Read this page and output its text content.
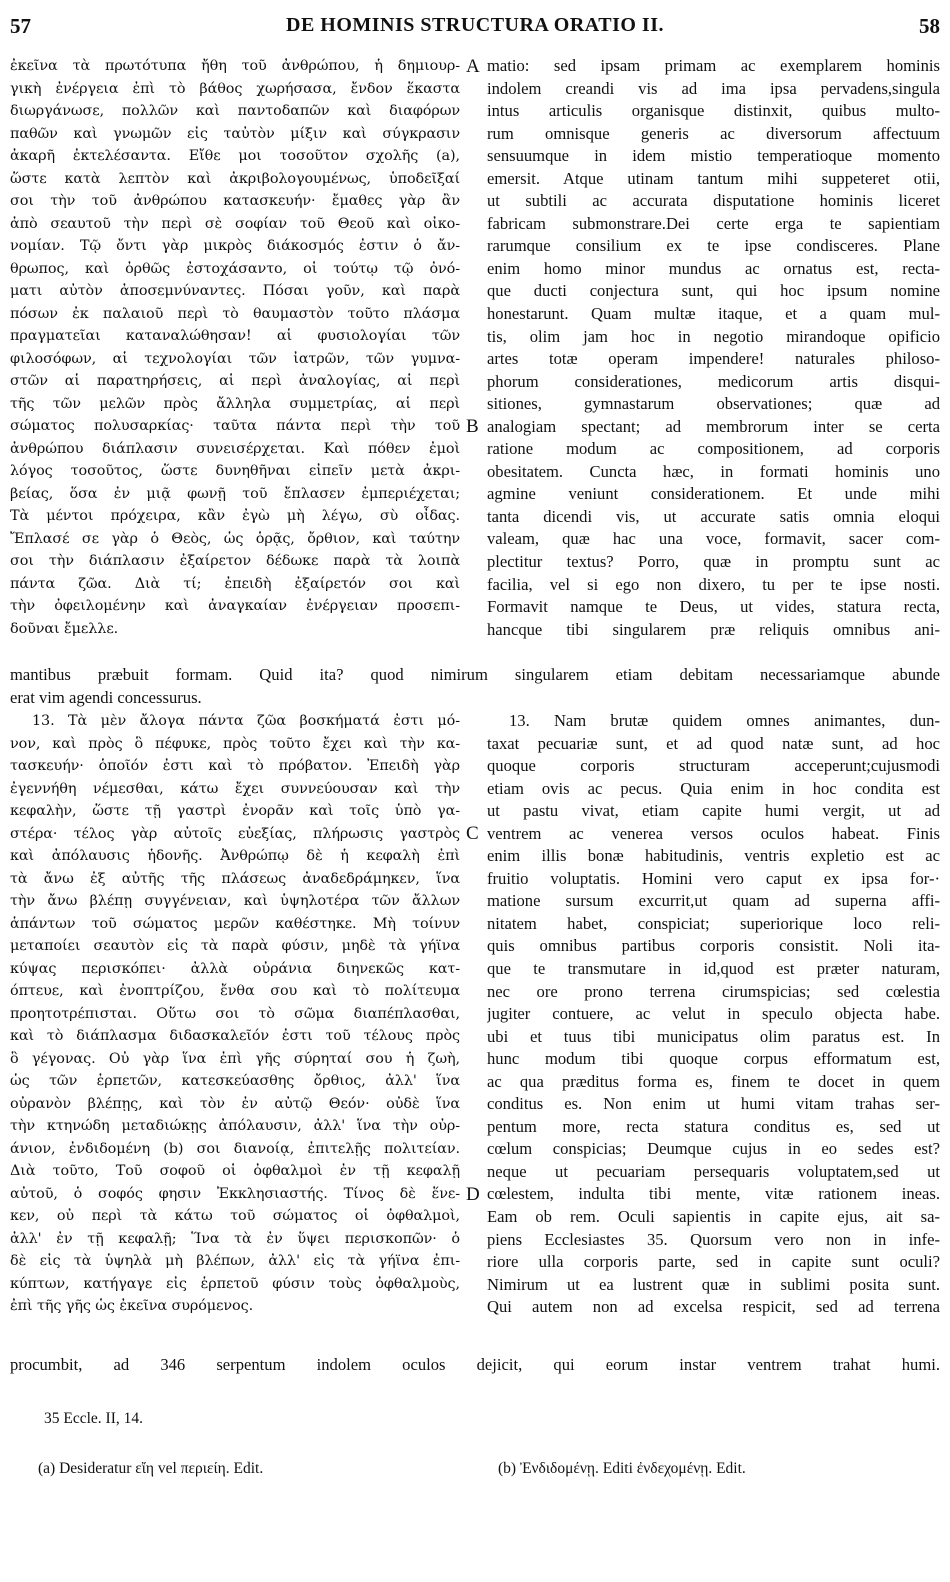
57	DE HOMINIS STRUCTURA ORATIO II.	58
ἐκεῖνα τὰ πρωτότυπα ἤθη τοῦ ἀνθρώπου, ἡ δημιουρ-
γικὴ ἐνέργεια ἐπὶ τὸ βάθος χωρήσασα, ἔνδον ἕκαστα
διωργάνωσε, πολλῶν καὶ παντοδαπῶν καὶ διαφόρων
παθῶν καὶ γνωμῶν εἰς ταὐτὸν μίξιν καὶ σύγκρασιν
ἀκαρῆ ἐκτελέσαντα. Εἴθε μοι τοσοῦτον σχολῆς (a),
ὥστε κατὰ λεπτὸν καὶ ἀκριβολογουμένως, ὑποδεῖξαί
σοι τὴν τοῦ ἀνθρώπου κατασκευήν· ἔμαθες γὰρ ἂν
ἀπὸ σεαυτοῦ τὴν περὶ σὲ σοφίαν τοῦ Θεοῦ καὶ οἰκο-
νομίαν. Τῷ ὄντι γὰρ μικρὸς διάκοσμός ἐστιν ὁ ἄν-
θρωπος, καὶ ὀρθῶς ἐστοχάσαντο, οἱ τούτῳ τῷ ὀνό-
ματι αὐτὸν ἀποσεμνύναντες. Πόσαι γοῦν, καὶ παρὰ
πόσων ἐκ παλαιοῦ περὶ τὸ θαυμαστὸν τοῦτο πλάσμα
πραγματεῖαι καταναλώθησαν! αἱ φυσιολογίαι τῶν
φιλοσόφων, αἱ τεχνολογίαι τῶν ἰατρῶν, τῶν γυμνα-
στῶν αἱ παρατηρήσεις, αἱ περὶ ἀναλογίας, αἱ περὶ
τῆς τῶν μελῶν πρὸς ἄλληλα συμμετρίας, αἱ περὶ
σώματος πολυσαρκίας· ταῦτα πάντα περὶ τὴν τοῦ
ἀνθρώπου διάπλασιν συνεισέρχεται. Καὶ πόθεν ἐμοὶ
λόγος τοσοῦτος, ὥστε δυνηθῆναι εἰπεῖν μετὰ ἀκρι-
βείας, ὅσα ἐν μιᾷ φωνῇ τοῦ ἔπλασεν ἐμπεριέχεται;
Τὰ μέντοι πρόχειρα, κἂν ἐγὼ μὴ λέγω, σὺ οἶδας.
Ἔπλασέ σε γὰρ ὁ Θεὸς, ὡς ὁρᾷς, ὄρθιον, καὶ ταύτην
σοι τὴν διάπλασιν ἐξαίρετον δέδωκε παρὰ τὰ λοιπὰ
πάντα ζῶα. Διὰ τί; ἐπειδὴ ἐξαίρετόν σοι καὶ
τὴν ὀφειλομένην καὶ ἀναγκαίαν ἐνέργειαν προσεπι-
δοῦναι ἔμελλε.
matio: sed ipsam primam ac exemplarem hominis
indolem creandi vis ad ima ipsa pervadens,singula
intus articulis organisque distinxit, quibus multo-
rum omnisque generis ac diversorum affectuum
sensuumque in idem mistio temperatioque momento
emersit. Atque utinam tantum mihi suppeteret otii,
ut subtili ac accurata disputatione hominis liceret
fabricam submonstrare.Dei certe erga te sapientiam
rarumque consilium ex te ipse condisceres. Plane
enim homo minor mundus ac ornatus est, recta-
que ducti conjectura sunt, qui hoc ipsum nomine
honestarunt. Quam multæ itaque, et a quam mul-
tis, olim jam hoc in negotio mirandoque opificio
artes totæ operam impendere! naturales philoso-
phorum considerationes, medicorum artis disqui-
sitiones, gymnastarum observationes; quæ ad
analogiam spectant; ad membrorum inter se certa
ratione modum ac compositionem, ad corporis
obesitatem. Cuncta hæc, in formati hominis uno
agmine veniunt considerationem. Et unde mihi
tanta dicendi vis, ut accurate satis omnia eloqui
valeam, quæ hac una voce, formavit, sacer com-
plectitur textus? Porro, quæ in promptu sunt ac
facilia, vel si ego non dixero, tu per te ipse nosti.
Formavit namque te Deus, ut vides, statura recta,
hancque tibi singularem præ reliquis omnibus ani-
A
B
C
D
mantibus præbuit formam. Quid ita? quod nimirum singularem etiam debitam necessariamque abunde
erat vim agendi concessurus.
13. Τὰ μὲν ἄλογα πάντα ζῶα βοσκήματά ἐστι μό-
νον, καὶ πρὸς ὃ πέφυκε, πρὸς τοῦτο ἔχει καὶ τὴν κα-
τασκευήν· ὁποῖόν ἐστι καὶ τὸ πρόβατον. Ἐπειδὴ γὰρ
ἐγεννήθη νέμεσθαι, κάτω ἔχει συννεύουσαν καὶ τὴν
κεφαλὴν, ὥστε τῇ γαστρὶ ἐνορᾶν καὶ τοῖς ὑπὸ γα-
στέρα· τέλος γὰρ αὐτοῖς εὐεξίας, πλήρωσις γαστρὸς
καὶ ἀπόλαυσις ἡδονῆς. Ἀνθρώπῳ δὲ ἡ κεφαλὴ ἐπὶ
τὰ ἄνω ἐξ αὐτῆς τῆς πλάσεως ἀναδεδράμηκεν, ἵνα
τὴν ἄνω βλέπῃ συγγένειαν, καὶ ὑψηλοτέρα τῶν ἄλλων
ἁπάντων τοῦ σώματος μερῶν καθέστηκε. Μὴ τοίνυν
μεταποίει σεαυτὸν εἰς τὰ παρὰ φύσιν, μηδὲ τὰ γήϊνα
κύψας περισκόπει· ἀλλὰ οὐράνια διηνεκῶς κατ-
όπτευε, καὶ ἐνοπτρίζου, ἔνθα σου καὶ τὸ πολίτευμα
προητοτρέπισται. Οὕτω σοι τὸ σῶμα διαπέπλασθαι,
καὶ τὸ διάπλασμα διδασκαλεῖόν ἐστι τοῦ τέλους πρὸς
ὃ γέγονας. Οὐ γὰρ ἵνα ἐπὶ γῆς σύρηταί σου ἡ ζωὴ,
ὡς τῶν ἑρπετῶν, κατεσκεύασθης ὄρθιος, ἀλλ' ἵνα
οὐρανὸν βλέπῃς, καὶ τὸν ἐν αὐτῷ Θεόν· οὐδὲ ἵνα
τὴν κτηνώδη μεταδιώκῃς ἀπόλαυσιν, ἀλλ' ἵνα τὴν οὐρ-
άνιον, ἐνδιδομένη (b) σοι διανοίᾳ, ἐπιτελῇς πολιτείαν.
Διὰ τοῦτο, Τοῦ σοφοῦ οἱ ὀφθαλμοὶ ἐν τῇ κεφαλῇ
αὐτοῦ, ὁ σοφός φησιν Ἐκκλησιαστής. Τίνος δὲ ἕνε-
κεν, οὐ περὶ τὰ κάτω τοῦ σώματος οἱ ὀφθαλμοὶ,
ἀλλ' ἐν τῇ κεφαλῇ; Ἵνα τὰ ἐν ὕψει περισκοπῶν· ὁ
δὲ εἰς τὰ ὑψηλὰ μὴ βλέπων, ἀλλ' εἰς τὰ γήϊνα ἐπι-
κύπτων, κατήγαγε εἰς ἑρπετοῦ φύσιν τοὺς ὀφθαλμοὺς,
ἐπὶ τῆς γῆς ὡς ἐκεῖνα συρόμενος.
13. Nam brutæ quidem omnes animantes, dun-
taxat pecuariæ sunt, et ad quod natæ sunt, ad hoc
quoque corporis structuram acceperunt;cujusmodi
etiam ovis ac pecus. Quia enim in hoc condita est
ut pastu vivat, etiam capite humi vergit, ut ad
ventrem ac venerea versos oculos habeat. Finis
enim illis bonæ habitudinis, ventris expletio est ac
fruitio voluptatis. Homini vero caput ex ipsa for-·
matione sursum excurrit,ut quam ad superna affi-
nitatem habet, conspiciat; superiorique loco reli-
quis omnibus partibus corporis consistit. Noli ita-
que te transmutare in id,quod est præter naturam,
nec ore prono terrena cirumspicias; sed cœlestia
jugiter contuere, ac velut in speculo objecta habe.
ubi et tuus tibi municipatus olim paratus est. In
hunc modum tibi quoque corpus efformatum est,
ac qua præditus forma es, finem te docet in quem
conditus es. Non enim ut humi vitam trahas ser-
pentum more, recta statura conditus es, sed ut
cœlum conspicias; Deumque cujus in eo sedes est?
neque ut pecuariam persequaris voluptatem,sed ut
cœlestem, indulta tibi mente, vitæ rationem ineas.
Eam ob rem. Oculi sapientis in capite ejus, ait sa-
piens Ecclesiastes 35. Quorsum vero non in infe-
riore ulla corporis parte, sed in capite sunt oculi?
Nimirum ut ea lustrent quæ in sublimi posita sunt.
Qui autem non ad excelsa respicit, sed ad terrena
procumbit, ad 346 serpentum indolem oculos dejicit, qui eorum instar ventrem trahat humi.
35 Eccle. II, 14.
(a) Desideratur εἴη vel περιείη. Edit.	(b) Ἐνδιδομένῃ. Editi ἐνδεχομένῃ. Edit.
